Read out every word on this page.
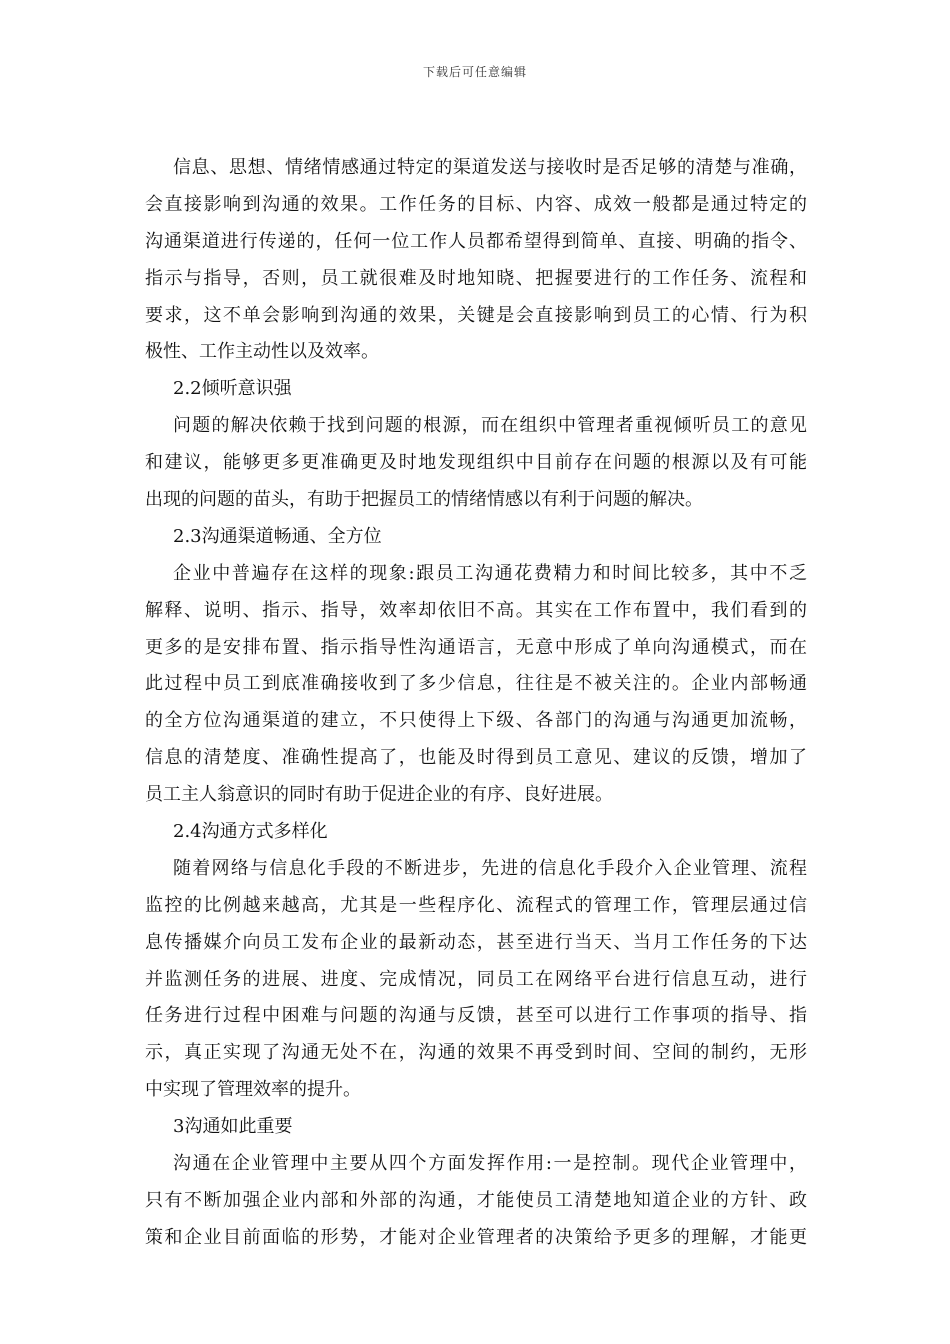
下载后可任意编辑
信息、思想、情绪情感通过特定的渠道发送与接收时是否足够的清楚与准确，
会直接影响到沟通的效果。工作任务的目标、内容、成效一般都是通过特定的
沟通渠道进行传递的，任何一位工作人员都希望得到简单、直接、明确的指令、
指示与指导，否则，员工就很难及时地知晓、把握要进行的工作任务、流程和
要求，这不单会影响到沟通的效果，关键是会直接影响到员工的心情、行为积
极性、工作主动性以及效率。
2.2倾听意识强
问题的解决依赖于找到问题的根源，而在组织中管理者重视倾听员工的意见
和建议，能够更多更准确更及时地发现组织中目前存在问题的根源以及有可能
出现的问题的苗头，有助于把握员工的情绪情感以有利于问题的解决。
2.3沟通渠道畅通、全方位
企业中普遍存在这样的现象:跟员工沟通花费精力和时间比较多，其中不乏
解释、说明、指示、指导，效率却依旧不高。其实在工作布置中，我们看到的
更多的是安排布置、指示指导性沟通语言，无意中形成了单向沟通模式，而在
此过程中员工到底准确接收到了多少信息，往往是不被关注的。企业内部畅通
的全方位沟通渠道的建立，不只使得上下级、各部门的沟通与沟通更加流畅，
信息的清楚度、准确性提高了，也能及时得到员工意见、建议的反馈，增加了
员工主人翁意识的同时有助于促进企业的有序、良好进展。
2.4沟通方式多样化
随着网络与信息化手段的不断进步，先进的信息化手段介入企业管理、流程
监控的比例越来越高，尤其是一些程序化、流程式的管理工作，管理层通过信
息传播媒介向员工发布企业的最新动态，甚至进行当天、当月工作任务的下达
并监测任务的进展、进度、完成情况，同员工在网络平台进行信息互动，进行
任务进行过程中困难与问题的沟通与反馈，甚至可以进行工作事项的指导、指
示，真正实现了沟通无处不在，沟通的效果不再受到时间、空间的制约，无形
中实现了管理效率的提升。
3沟通如此重要
沟通在企业管理中主要从四个方面发挥作用:一是控制。现代企业管理中，
只有不断加强企业内部和外部的沟通，才能使员工清楚地知道企业的方针、政
策和企业目前面临的形势，才能对企业管理者的决策给予更多的理解，才能更
